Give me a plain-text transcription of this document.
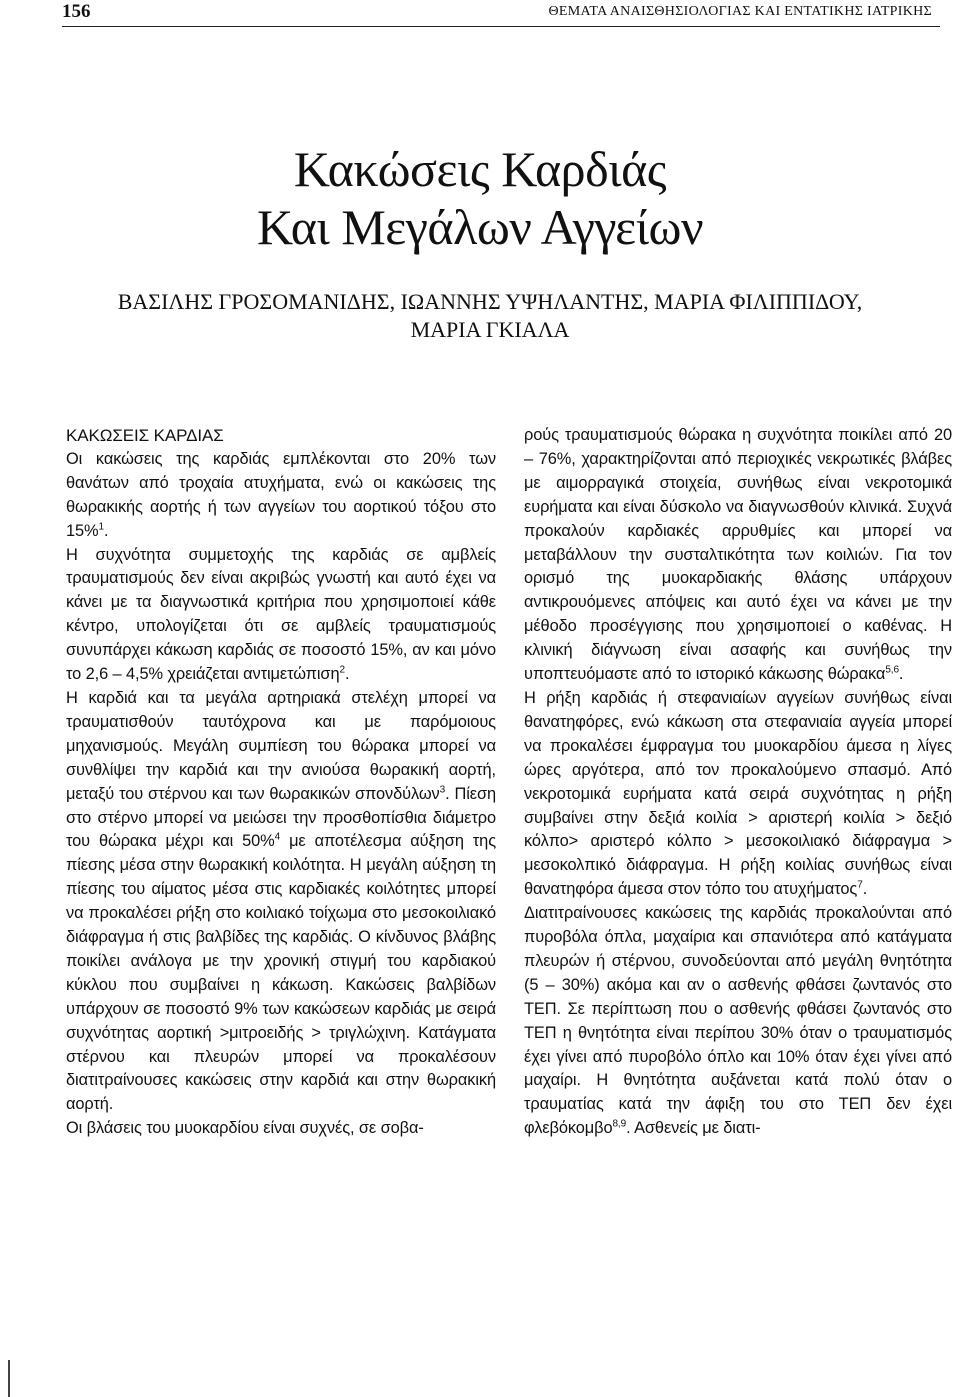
156	ΘΕΜΑΤΑ ΑΝΑΙΣΘΗΣΙΟΛΟΓΙΑΣ ΚΑΙ ΕΝΤΑΤΙΚΗΣ ΙΑΤΡΙΚΗΣ
Κακώσεις Καρδιάς
Και Μεγάλων Αγγείων
ΒΑΣΙΛΗΣ ΓΡΟΣΟΜΑΝΙΔΗΣ, ΙΩΑΝΝΗΣ ΥΨΗΛΑΝΤΗΣ, ΜΑΡΙΑ ΦΙΛΙΠΠΙΔΟΥ,
ΜΑΡΙΑ ΓΚΙΑΛΑ
ΚΑΚΩΣΕΙΣ ΚΑΡΔΙΑΣ

Οι κακώσεις της καρδιάς εμπλέκονται στο 20% των θανάτων από τροχαία ατυχήματα, ενώ οι κακώσεις της θωρακικής αορτής ή των αγγείων του αορτικού τόξου στο 15%$^1$.

Η συχνότητα συμμετοχής της καρδιάς σε αμβλείς τραυματισμούς δεν είναι ακριβώς γνωστή και αυτό έχει να κάνει με τα διαγνωστικά κριτήρια που χρησιμοποιεί κάθε κέντρο, υπολογίζεται ότι σε αμβλείς τραυματισμούς συνυπάρχει κάκωση καρδιάς σε ποσοστό 15%, αν και μόνο το 2,6 – 4,5% χρειάζεται αντιμετώπιση$^2$.

Η καρδιά και τα μεγάλα αρτηριακά στελέχη μπορεί να τραυματισθούν ταυτόχρονα και με παρόμοιους μηχανισμούς. Μεγάλη συμπίεση του θώρακα μπορεί να συνθλίψει την καρδιά και την ανιούσα θωρακική αορτή, μεταξύ του στέρνου και των θωρακικών σπονδύλων$^3$. Πίεση στο στέρνο μπορεί να μειώσει την προσθοπίσθια διάμετρο του θώρακα μέχρι και 50%$^4$ με αποτέλεσμα αύξηση της πίεσης μέσα στην θωρακική κοιλότητα. Η μεγάλη αύξηση τη πίεσης του αίματος μέσα στις καρδιακές κοιλότητες μπορεί να προκαλέσει ρήξη στο κοιλιακό τοίχωμα στο μεσοκοιλιακό διάφραγμα ή στις βαλβίδες της καρδιάς. Ο κίνδυνος βλάβης ποικίλει ανάλογα με την χρονική στιγμή του καρδιακού κύκλου που συμβαίνει η κάκωση. Κακώσεις βαλβίδων υπάρχουν σε ποσοστό 9% των κακώσεων καρδιάς με σειρά συχνότητας αορτική >μιτροειδής > τριγλώχινη. Κατάγματα στέρνου και πλευρών μπορεί να προκαλέσουν διατιτραίνουσες κακώσεις στην καρδιά και στην θωρακική αορτή.

Οι βλάσεις του μυοκαρδίου είναι συχνές, σε σοβα-

ρούς τραυματισμούς θώρακα η συχνότητα ποικίλει από 20 – 76%, χαρακτηρίζονται από περιοχικές νεκρωτικές βλάβες με αιμορραγικά στοιχεία, συνήθως είναι νεκροτομικά ευρήματα και είναι δύσκολο να διαγνωσθούν κλινικά. Συχνά προκαλούν καρδιακές αρρυθμίες και μπορεί να μεταβάλλουν την συσταλτικότητα των κοιλιών. Για τον ορισμό της μυοκαρδιακής θλάσης υπάρχουν αντικρουόμενες απόψεις και αυτό έχει να κάνει με την μέθοδο προσέγγισης που χρησιμοποιεί ο καθένας. Η κλινική διάγνωση είναι ασαφής και συνήθως την υποπτευόμαστε από το ιστορικό κάκωσης θώρακα$^{5,6}$.

Η ρήξη καρδιάς ή στεφανιαίων αγγείων συνήθως είναι θανατηφόρες, ενώ κάκωση στα στεφανιαία αγγεία μπορεί να προκαλέσει έμφραγμα του μυοκαρδίου άμεσα η λίγες ώρες αργότερα, από τον προκαλούμενο σπασμό. Από νεκροτομικά ευρήματα κατά σειρά συχνότητας η ρήξη συμβαίνει στην δεξιά κοιλία > αριστερή κοιλία > δεξιό κόλπο> αριστερό κόλπο > μεσοκοιλιακό διάφραγμα > μεσοκολπικό διάφραγμα. Η ρήξη κοιλίας συνήθως είναι θανατηφόρα άμεσα στον τόπο του ατυχήματος$^7$.

Διατιτραίνουσες κακώσεις της καρδιάς προκαλούνται από πυροβόλα όπλα, μαχαίρια και σπανιότερα από κατάγματα πλευρών ή στέρνου, συνοδεύονται από μεγάλη θνητότητα (5 – 30%) ακόμα και αν ο ασθενής φθάσει ζωντανός στο ΤΕΠ. Σε περίπτωση που ο ασθενής φθάσει ζωντανός στο ΤΕΠ η θνητότητα είναι περίπου 30% όταν ο τραυματισμός έχει γίνει από πυροβόλο όπλο και 10% όταν έχει γίνει από μαχαίρι. Η θνητότητα αυξάνεται κατά πολύ όταν ο τραυματίας κατά την άφιξη του στο ΤΕΠ δεν έχει φλεβόκομβο$^{8,9}$. Ασθενείς με διατι-
